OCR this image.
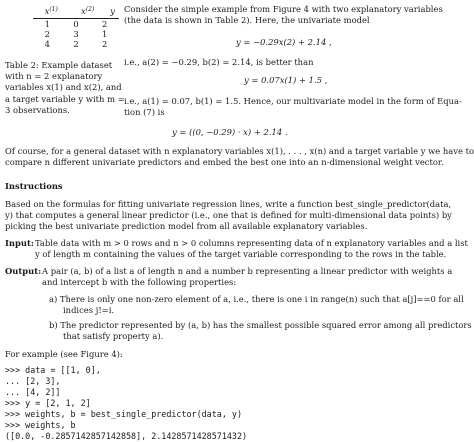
$x^{(1)}$	$x^{(2)}$	y
1	0	2
2	3	1
4	2	2
Table 2: Example dataset
with n = 2 explanatory
variables x(1) and x(2), and
a target variable y with m =
3 observations.
Consider the simple example from Figure 4 with two explanatory variables
(the data is shown in Table 2). Here, the univariate model
y = −0.29x(2) + 2.14 ,
i.e., a(2) = −0.29, b(2) = 2.14, is better than
y = 0.07x(1) + 1.5 ,
i.e., a(1) = 0.07, b(1) = 1.5. Hence, our multivariate model in the form of Equa-
tion (7) is
y = ((0, −0.29) · x) + 2.14 .
Of course, for a general dataset with n explanatory variables x(1), . . . , x(n) and a target variable y we have to
compare n different univariate predictors and embed the best one into an n-dimensional weight vector.
Instructions
Based on the formulas for fitting univariate regression lines, write a function best_single_predictor(data,
y) that computes a general linear predictor (i.e., one that is defined for multi-dimensional data points) by
picking the best univariate prediction model from all available explanatory variables.
Input: Table data with m > 0 rows and n > 0 columns representing data of n explanatory variables and a list
y of length m containing the values of the target variable corresponding to the rows in the table.
Output: A pair (a, b) of a list a of length n and a number b representing a linear predictor with weights a
and intercept b with the following properties:
a) There is only one non-zero element of a, i.e., there is one i in range(n) such that a[j]==0 for all
indices j!=i.
b) The predictor represented by (a, b) has the smallest possible squared error among all predictors
that satisfy property a).
For example (see Figure 4):
>>> data = [[1, 0],
... [2, 3],
... [4, 2]]
>>> y = [2, 1, 2]
>>> weights, b = best_single_predictor(data, y)
>>> weights, b
([0.0, -0.2857142857142858], 2.1428571428571432)
